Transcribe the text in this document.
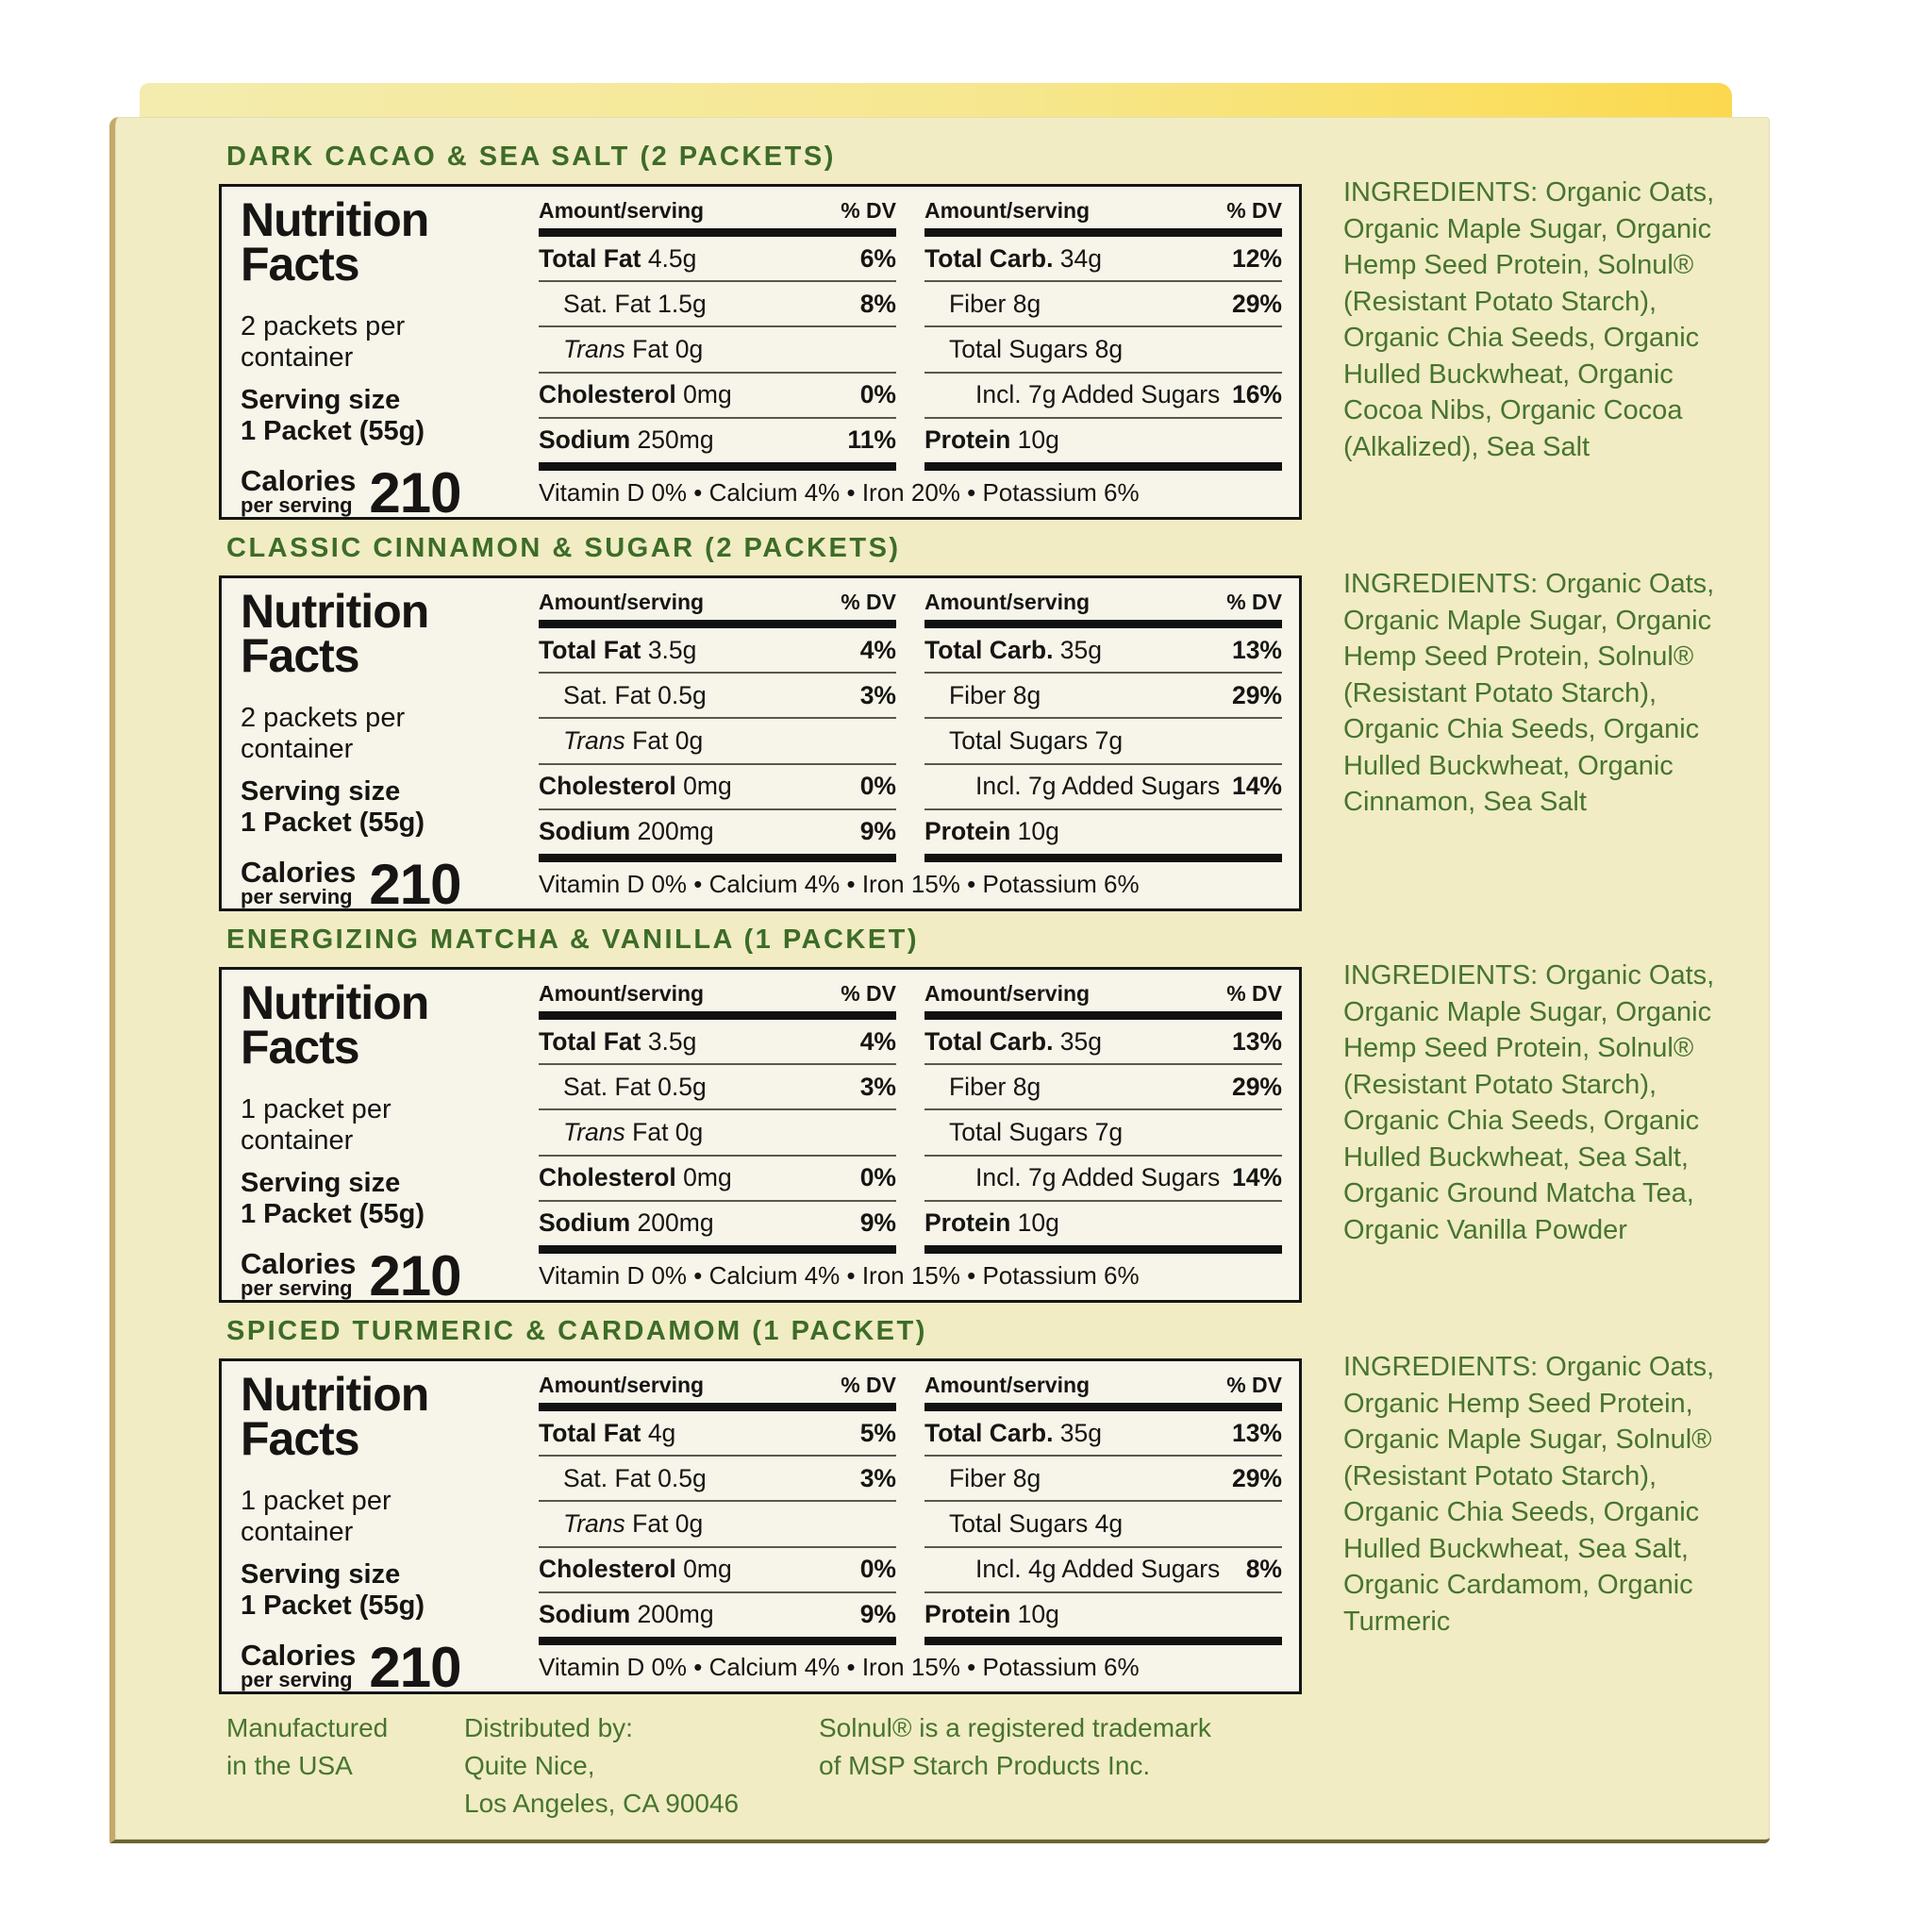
DARK CACAO & SEA SALT (2 PACKETS)
Nutrition
Facts
2 packets per
container
Serving size
1 Packet (55g)
Calories
per serving 210
Amount/serving	% DV
Total Fat 4.5g	6%
Sat. Fat 1.5g	8%
Trans Fat 0g
Cholesterol 0mg	0%
Sodium 250mg	11%
Amount/serving	% DV
Total Carb. 34g	12%
Fiber 8g	29%
Total Sugars 8g
Incl. 7g Added Sugars 16%
Protein 10g
Vitamin D 0% • Calcium 4% • Iron 20% • Potassium 6%
INGREDIENTS: Organic Oats, Organic Maple Sugar, Organic Hemp Seed Protein, Solnul® (Resistant Potato Starch), Organic Chia Seeds, Organic Hulled Buckwheat, Organic Cocoa Nibs, Organic Cocoa (Alkalized), Sea Salt
CLASSIC CINNAMON & SUGAR (2 PACKETS)
Nutrition
Facts
2 packets per
container
Serving size
1 Packet (55g)
Calories
per serving 210
Amount/serving	% DV
Total Fat 3.5g	4%
Sat. Fat 0.5g	3%
Trans Fat 0g
Cholesterol 0mg	0%
Sodium 200mg	9%
Amount/serving	% DV
Total Carb. 35g	13%
Fiber 8g	29%
Total Sugars 7g
Incl. 7g Added Sugars 14%
Protein 10g
Vitamin D 0% • Calcium 4% • Iron 15% • Potassium 6%
INGREDIENTS: Organic Oats, Organic Maple Sugar, Organic Hemp Seed Protein, Solnul® (Resistant Potato Starch), Organic Chia Seeds, Organic Hulled Buckwheat, Organic Cinnamon, Sea Salt
ENERGIZING MATCHA & VANILLA (1 PACKET)
Nutrition
Facts
1 packet per
container
Serving size
1 Packet (55g)
Calories
per serving 210
Amount/serving	% DV
Total Fat 3.5g	4%
Sat. Fat 0.5g	3%
Trans Fat 0g
Cholesterol 0mg	0%
Sodium 200mg	9%
Amount/serving	% DV
Total Carb. 35g	13%
Fiber 8g	29%
Total Sugars 7g
Incl. 7g Added Sugars 14%
Protein 10g
Vitamin D 0% • Calcium 4% • Iron 15% • Potassium 6%
INGREDIENTS: Organic Oats, Organic Maple Sugar, Organic Hemp Seed Protein, Solnul® (Resistant Potato Starch), Organic Chia Seeds, Organic Hulled Buckwheat, Sea Salt, Organic Ground Matcha Tea, Organic Vanilla Powder
SPICED TURMERIC & CARDAMOM (1 PACKET)
Nutrition
Facts
1 packet per
container
Serving size
1 Packet (55g)
Calories
per serving 210
Amount/serving	% DV
Total Fat 4g	5%
Sat. Fat 0.5g	3%
Trans Fat 0g
Cholesterol 0mg	0%
Sodium 200mg	9%
Amount/serving	% DV
Total Carb. 35g	13%
Fiber 8g	29%
Total Sugars 4g
Incl. 4g Added Sugars 8%
Protein 10g
Vitamin D 0% • Calcium 4% • Iron 15% • Potassium 6%
INGREDIENTS: Organic Oats, Organic Hemp Seed Protein, Organic Maple Sugar, Solnul® (Resistant Potato Starch), Organic Chia Seeds, Organic Hulled Buckwheat, Sea Salt, Organic Cardamom, Organic Turmeric
Manufactured
in the USA
Distributed by:
Quite Nice,
Los Angeles, CA 90046
Solnul® is a registered trademark
of MSP Starch Products Inc.
